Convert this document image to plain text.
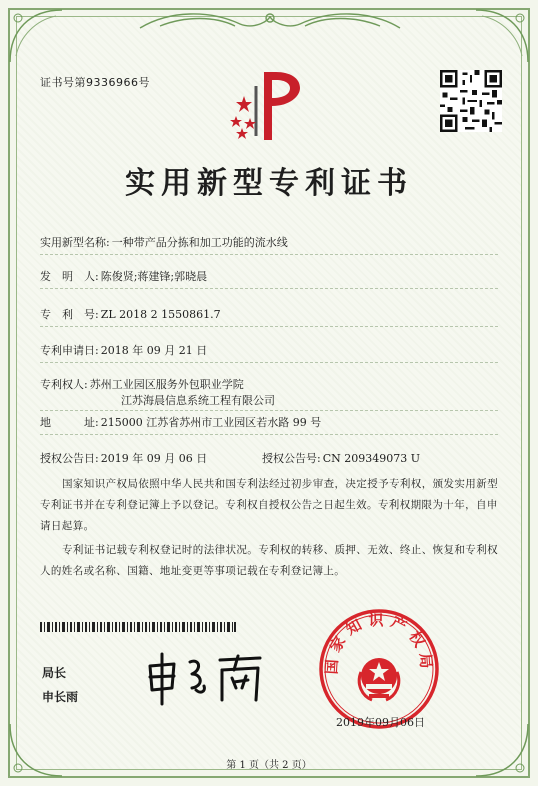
证书号第9336966号
实用新型专利证书
实用新型名称: 一种带产品分拣和加工功能的流水线
发　明　人: 陈俊贤;蒋建锋;郭晓晨
专　利　号: ZL 2018 2 1550861.7
专利申请日: 2018 年 09 月 21 日
专利权人: 苏州工业园区服务外包职业学院
江苏海晨信息系统工程有限公司
地　　　址: 215000 江苏省苏州市工业园区若水路 99 号
授权公告日: 2019 年 09 月 06 日	授权公告号: CN 209349073 U
国家知识产权局依照中华人民共和国专利法经过初步审查，决定授予专利权，颁发实用新型专利证书并在专利登记簿上予以登记。专利权自授权公告之日起生效。专利权期限为十年，自申请日起算。
专利证书记载专利权登记时的法律状况。专利权的转移、质押、无效、终止、恢复和专利权人的姓名或名称、国籍、地址变更等事项记载在专利登记簿上。
局长
申长雨
国家知识产权局
2019年09月06日
第 1 页（共 2 页）
